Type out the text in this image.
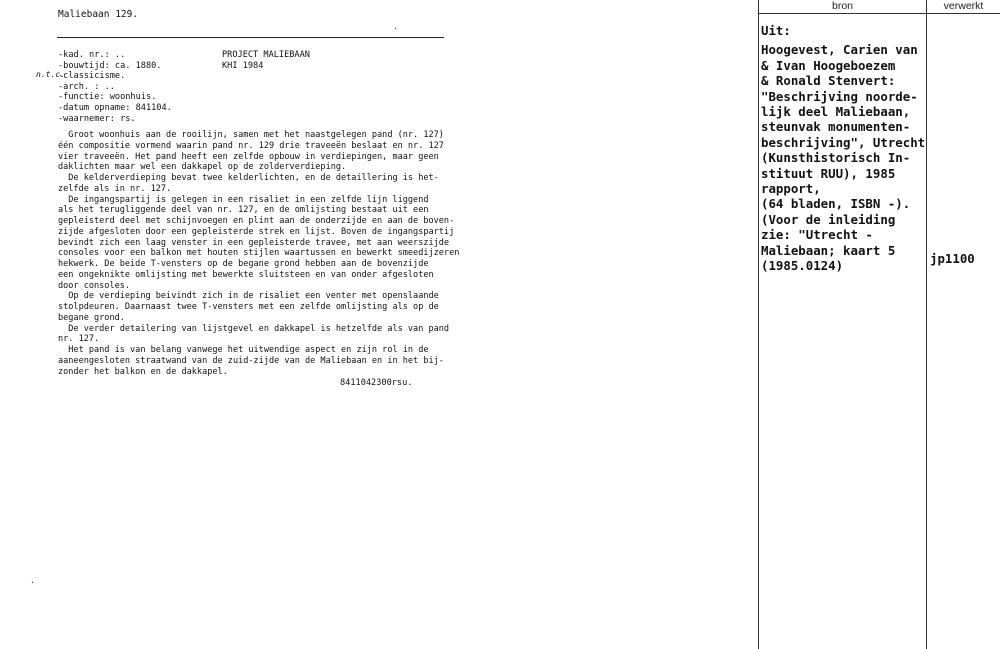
Maliebaan 129.
.
-kad. nr.: ..
-bouwtijd: ca. 1880.
-classicisme.
-arch. : ..
-functie: woonhuis.
-datum opname: 841104.
-waarnemer: rs.
n.t.c.
PROJECT MALIEBAAN
KHI 1984
Groot woonhuis aan de rooilijn, samen met het naastgelegen pand (nr. 127)
één compositie vormend waarin pand nr. 129 drie traveeën beslaat en nr. 127
vier traveeën. Het pand heeft een zelfde opbouw in verdiepingen, maar geen
daklichten maar wel een dakkapel op de zolderverdieping.
De kelderverdieping bevat twee kelderlichten, en de detaillering is het-
zelfde als in nr. 127.
De ingangspartij is gelegen in een risaliet in een zelfde lijn liggend
als het terugliggende deel van nr. 127, en de omlijsting bestaat uit een
gepleisterd deel met schijnvoegen en plint aan de onderzijde en aan de boven-
zijde afgesloten door een gepleisterde strek en lijst. Boven de ingangspartij
bevindt zich een laag venster in een gepleisterde travee, met aan weerszijde
consoles voor een balkon met houten stijlen waartussen en bewerkt smeedijzeren
hekwerk. De beide T-vensters op de begane grond hebben aan de bovenzijde
een ongeknikte omlijsting met bewerkte sluitsteen en van onder afgesloten
door consoles.
Op de verdieping beivindt zich in de risaliet een venter met openslaande
stolpdeuren. Daarnaast twee T-vensters met een zelfde omlijsting als op de
begane grond.
De verder detailering van lijstgevel en dakkapel is hetzelfde als van pand
nr. 127.
Het pand is van belang vanwege het uitwendige aspect en zijn rol in de
aaneengesloten straatwand van de zuid-zijde van de Maliebaan en in het bij-
zonder het balkon en de dakkapel.
8411042300rsu.
.
bron	verwerkt
Uit:
Hoogevest, Carien van
& Ivan Hoogeboezem
& Ronald Stenvert:
"Beschrijving noorde-
lijk deel Maliebaan,
steunvak monumenten-
beschrijving", Utrecht
(Kunsthistorisch In-
stituut RUU), 1985
rapport,
(64 bladen, ISBN -).
(Voor de inleiding
zie: "Utrecht -
Maliebaan; kaart 5
(1985.0124)	jp1100
